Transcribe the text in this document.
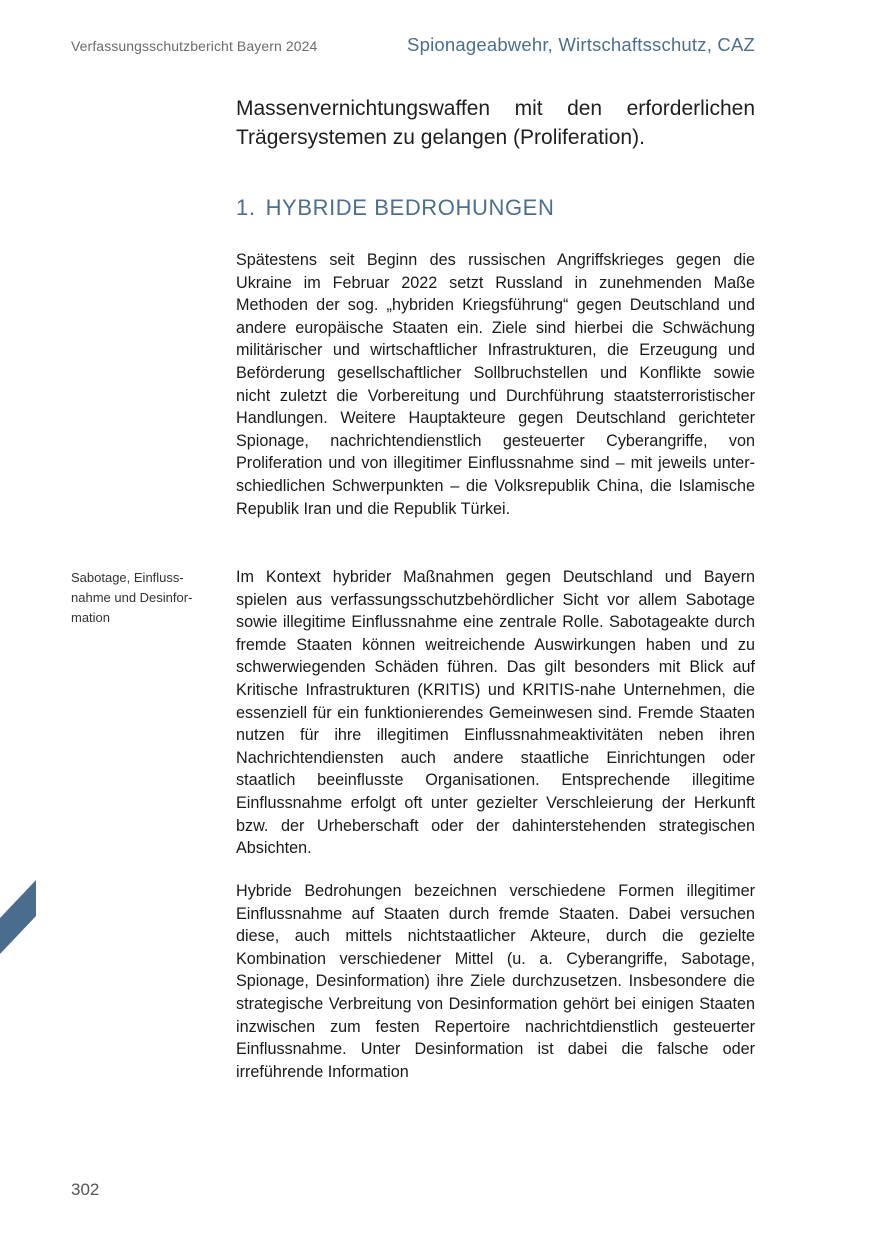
Verfassungsschutzbericht Bayern 2024	Spionageabwehr, Wirtschaftsschutz, CAZ
Massenvernichtungswaffen mit den erforderlichen Trägersystemen zu gelangen (Proliferation).
1. HYBRIDE BEDROHUNGEN
Spätestens seit Beginn des russischen Angriffskrieges gegen die Ukraine im Februar 2022 setzt Russland in zunehmenden Maße Methoden der sog. „hybriden Kriegsführung“ gegen Deutschland und andere europäische Staaten ein. Ziele sind hierbei die Schwächung militärischer und wirtschaftlicher Infrastrukturen, die Erzeugung und Beförderung gesellschaftlicher Sollbruchstellen und Konflikte sowie nicht zuletzt die Vorbereitung und Durchführung staatsterroristischer Handlungen. Weitere Hauptakteure gegen Deutschland gerichteter Spionage, nachrichtendienstlich gesteuerter Cyberangriffe, von Proliferation und von illegitimer Einflussnahme sind – mit jeweils unterschiedlichen Schwerpunkten – die Volksrepublik China, die Islamische Republik Iran und die Republik Türkei.
Sabotage, Einflussnahme und Desinformation
Im Kontext hybrider Maßnahmen gegen Deutschland und Bayern spielen aus verfassungsschutzbehördlicher Sicht vor allem Sabotage sowie illegitime Einflussnahme eine zentrale Rolle. Sabotageakte durch fremde Staaten können weitreichende Auswirkungen haben und zu schwerwiegenden Schäden führen. Das gilt besonders mit Blick auf Kritische Infrastrukturen (KRITIS) und KRITIS-nahe Unternehmen, die essenziell für ein funktionierendes Gemeinwesen sind. Fremde Staaten nutzen für ihre illegitimen Einflussnahmeaktivitäten neben ihren Nachrichtendiensten auch andere staatliche Einrichtungen oder staatlich beeinflusste Organisationen. Entsprechende illegitime Einflussnahme erfolgt oft unter gezielter Verschleierung der Herkunft bzw. der Urheberschaft oder der dahinterstehenden strategischen Absichten.
Hybride Bedrohungen bezeichnen verschiedene Formen illegitimer Einflussnahme auf Staaten durch fremde Staaten. Dabei versuchen diese, auch mittels nichtstaatlicher Akteure, durch die gezielte Kombination verschiedener Mittel (u. a. Cyberangriffe, Sabotage, Spionage, Desinformation) ihre Ziele durchzusetzen. Insbesondere die strategische Verbreitung von Desinformation gehört bei einigen Staaten inzwischen zum festen Repertoire nachrichtdienstlich gesteuerter Einflussnahme. Unter Desinformation ist dabei die falsche oder irreführende Information
302
